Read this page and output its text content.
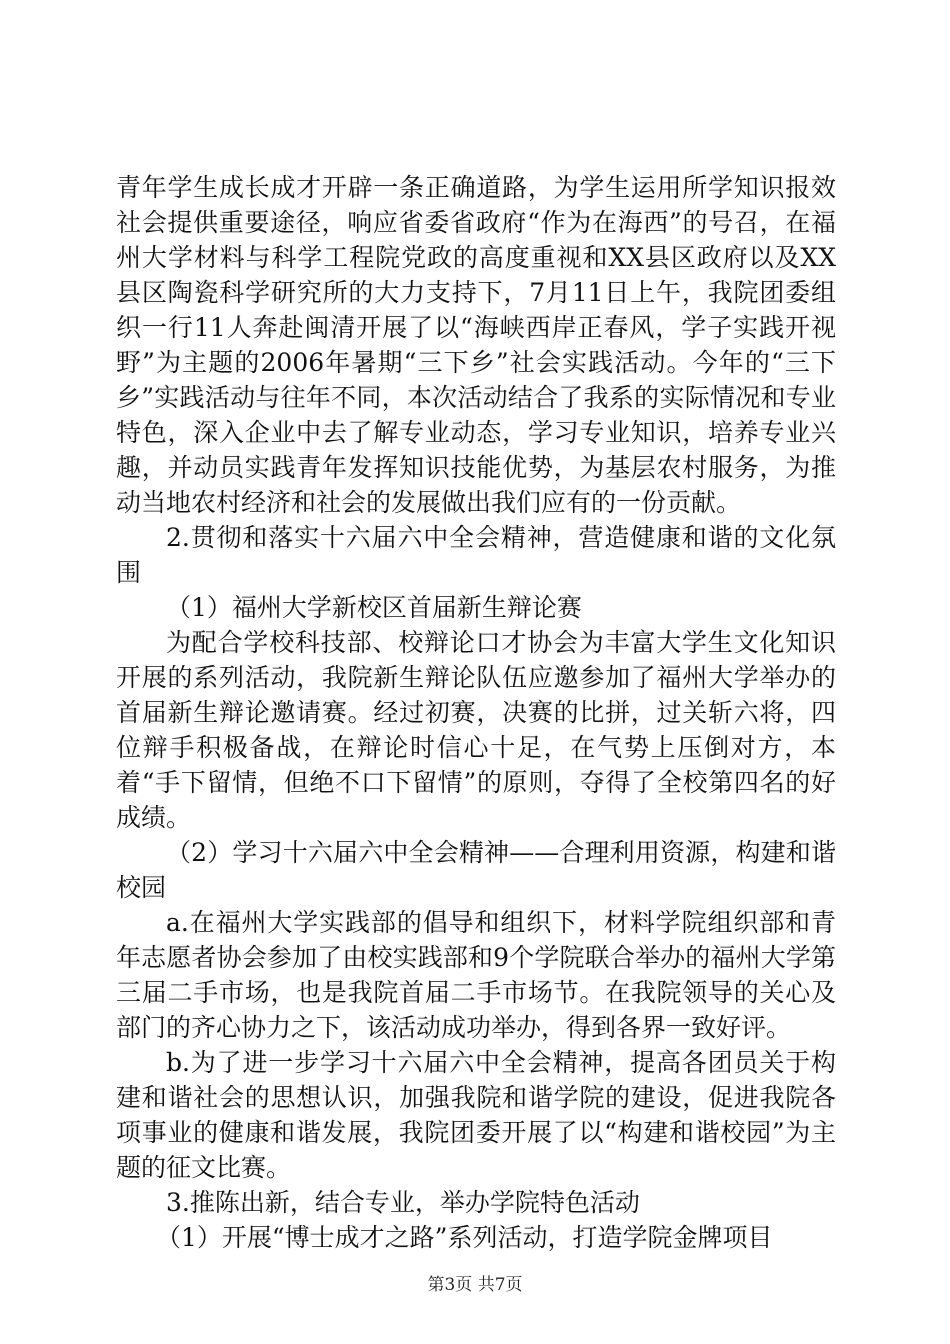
青年学生成长成才开辟一条正确道路，为学生运用所学知识报效社会提供重要途径，响应省委省政府“作为在海西”的号召，在福州大学材料与科学工程院党政的高度重视和XX县区政府以及XX县区陶瓷科学研究所的大力支持下，7月11日上午，我院团委组织一行11人奔赴闽清开展了以“海峡西岸正春风，学子实践开视野”为主题的2006年暑期“三下乡”社会实践活动。今年的“三下乡”实践活动与往年不同，本次活动结合了我系的实际情况和专业特色，深入企业中去了解专业动态，学习专业知识，培养专业兴趣，并动员实践青年发挥知识技能优势，为基层农村服务，为推动当地农村经济和社会的发展做出我们应有的一份贡献。

2.贯彻和落实十六届六中全会精神，营造健康和谐的文化氛围

（1）福州大学新校区首届新生辩论赛

为配合学校科技部、校辩论口才协会为丰富大学生文化知识开展的系列活动，我院新生辩论队伍应邀参加了福州大学举办的首届新生辩论邀请赛。经过初赛，决赛的比拼，过关斩六将，四位辩手积极备战，在辩论时信心十足，在气势上压倒对方，本着“手下留情，但绝不口下留情”的原则，夺得了全校第四名的好成绩。

（2）学习十六届六中全会精神——合理利用资源，构建和谐校园

a.在福州大学实践部的倡导和组织下，材料学院组织部和青年志愿者协会参加了由校实践部和9个学院联合举办的福州大学第三届二手市场，也是我院首届二手市场节。在我院领导的关心及部门的齐心协力之下，该活动成功举办，得到各界一致好评。

b.为了进一步学习十六届六中全会精神，提高各团员关于构建和谐社会的思想认识，加强我院和谐学院的建设，促进我院各项事业的健康和谐发展，我院团委开展了以“构建和谐校园”为主题的征文比赛。

3.推陈出新，结合专业，举办学院特色活动

（1）开展“博士成才之路”系列活动，打造学院金牌项目

第3页 共7页
